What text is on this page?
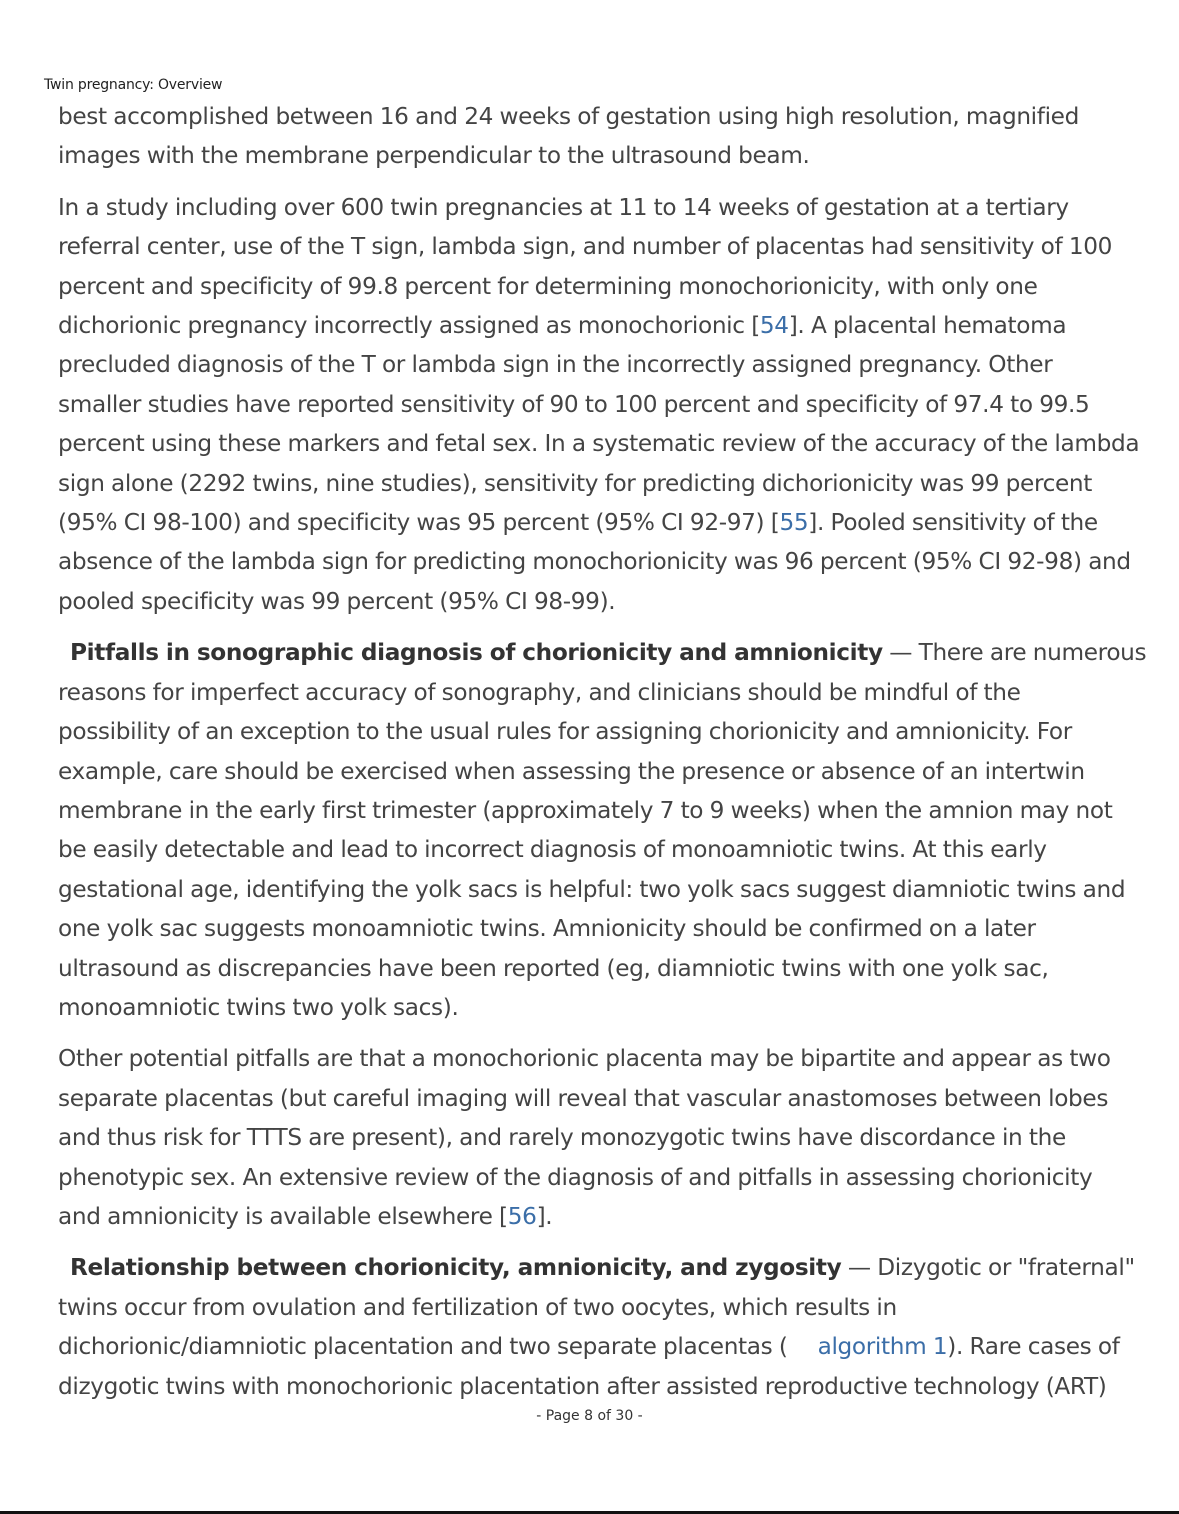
Twin pregnancy: Overview

best accomplished between 16 and 24 weeks of gestation using high resolution, magnified
images with the membrane perpendicular to the ultrasound beam.

In a study including over 600 twin pregnancies at 11 to 14 weeks of gestation at a tertiary
referral center, use of the T sign, lambda sign, and number of placentas had sensitivity of 100
percent and specificity of 99.8 percent for determining monochorionicity, with only one
dichorionic pregnancy incorrectly assigned as monochorionic [54]. A placental hematoma
precluded diagnosis of the T or lambda sign in the incorrectly assigned pregnancy. Other
smaller studies have reported sensitivity of 90 to 100 percent and specificity of 97.4 to 99.5
percent using these markers and fetal sex. In a systematic review of the accuracy of the lambda
sign alone (2292 twins, nine studies), sensitivity for predicting dichorionicity was 99 percent
(95% CI 98-100) and specificity was 95 percent (95% CI 92-97) [55]. Pooled sensitivity of the
absence of the lambda sign for predicting monochorionicity was 96 percent (95% CI 92-98) and
pooled specificity was 99 percent (95% CI 98-99).

Pitfalls in sonographic diagnosis of chorionicity and amnionicity — There are numerous
reasons for imperfect accuracy of sonography, and clinicians should be mindful of the
possibility of an exception to the usual rules for assigning chorionicity and amnionicity. For
example, care should be exercised when assessing the presence or absence of an intertwin
membrane in the early first trimester (approximately 7 to 9 weeks) when the amnion may not
be easily detectable and lead to incorrect diagnosis of monoamniotic twins. At this early
gestational age, identifying the yolk sacs is helpful: two yolk sacs suggest diamniotic twins and
one yolk sac suggests monoamniotic twins. Amnionicity should be confirmed on a later
ultrasound as discrepancies have been reported (eg, diamniotic twins with one yolk sac,
monoamniotic twins two yolk sacs).

Other potential pitfalls are that a monochorionic placenta may be bipartite and appear as two
separate placentas (but careful imaging will reveal that vascular anastomoses between lobes
and thus risk for TTTS are present), and rarely monozygotic twins have discordance in the
phenotypic sex. An extensive review of the diagnosis of and pitfalls in assessing chorionicity
and amnionicity is available elsewhere [56].

Relationship between chorionicity, amnionicity, and zygosity — Dizygotic or "fraternal"
twins occur from ovulation and fertilization of two oocytes, which results in
dichorionic/diamniotic placentation and two separate placentas ( algorithm 1). Rare cases of
dizygotic twins with monochorionic placentation after assisted reproductive technology (ART)

- Page 8 of 30 -
